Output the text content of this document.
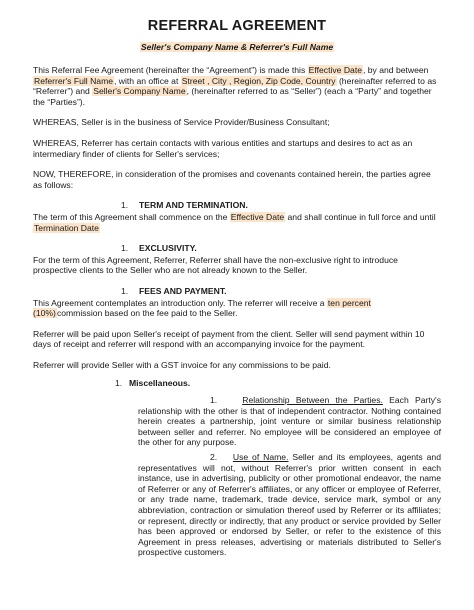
REFERRAL AGREEMENT
Seller's Company Name & Referrer's Full Name

This Referral Fee Agreement (hereinafter the “Agreement”) is made this Effective Date, by and between Referrer's Full Name, with an office at Street , City , Region, Zip Code, Country (hereinafter referred to as “Referrer”) and Seller's Company Name, (hereinafter referred to as “Seller”) (each a “Party” and together the “Parties”).

WHEREAS, Seller is in the business of Service Provider/Business Consultant;

WHEREAS, Referrer has certain contacts with various entities and startups and desires to act as an intermediary finder of clients for Seller's services;

NOW, THEREFORE, in consideration of the promises and covenants contained herein, the parties agree as follows:

1. TERM AND TERMINATION.

The term of this Agreement shall commence on the Effective Date and shall continue in full force and until Termination Date

1. EXCLUSIVITY.

For the term of this Agreement, Referrer, Referrer shall have the non-exclusive right to introduce prospective clients to the Seller who are not already known to the Seller.

1. FEES AND PAYMENT.

This Agreement contemplates an introduction only. The referrer will receive a ten percent (10%)commission based on the fee paid to the Seller.

Referrer will be paid upon Seller's receipt of payment from the client. Seller will send payment within 10 days of receipt and referrer will respond with an accompanying invoice for the payment.

Referrer will provide Seller with a GST invoice for any commissions to be paid.

1. Miscellaneous.

1.	Relationship Between the Parties. Each Party's relationship with the other is that of independent contractor. Nothing contained herein creates a partnership, joint venture or similar business relationship between seller and referrer. No employee will be considered an employee of the other for any purpose.

2. Use of Name. Seller and its employees, agents and representatives will not, without Referrer's prior written consent in each instance, use in advertising, publicity or other promotional endeavor, the name of Referrer or any of Referrer's affiliates, or any officer or employee of Referrer, or any trade name, trademark, trade device, service mark, symbol or any abbreviation, contraction or simulation thereof used by Referrer or its affiliates; or represent, directly or indirectly, that any product or service provided by Seller has been approved or endorsed by Seller, or refer to the existence of this Agreement in press releases, advertising or materials distributed to Seller's prospective customers.
